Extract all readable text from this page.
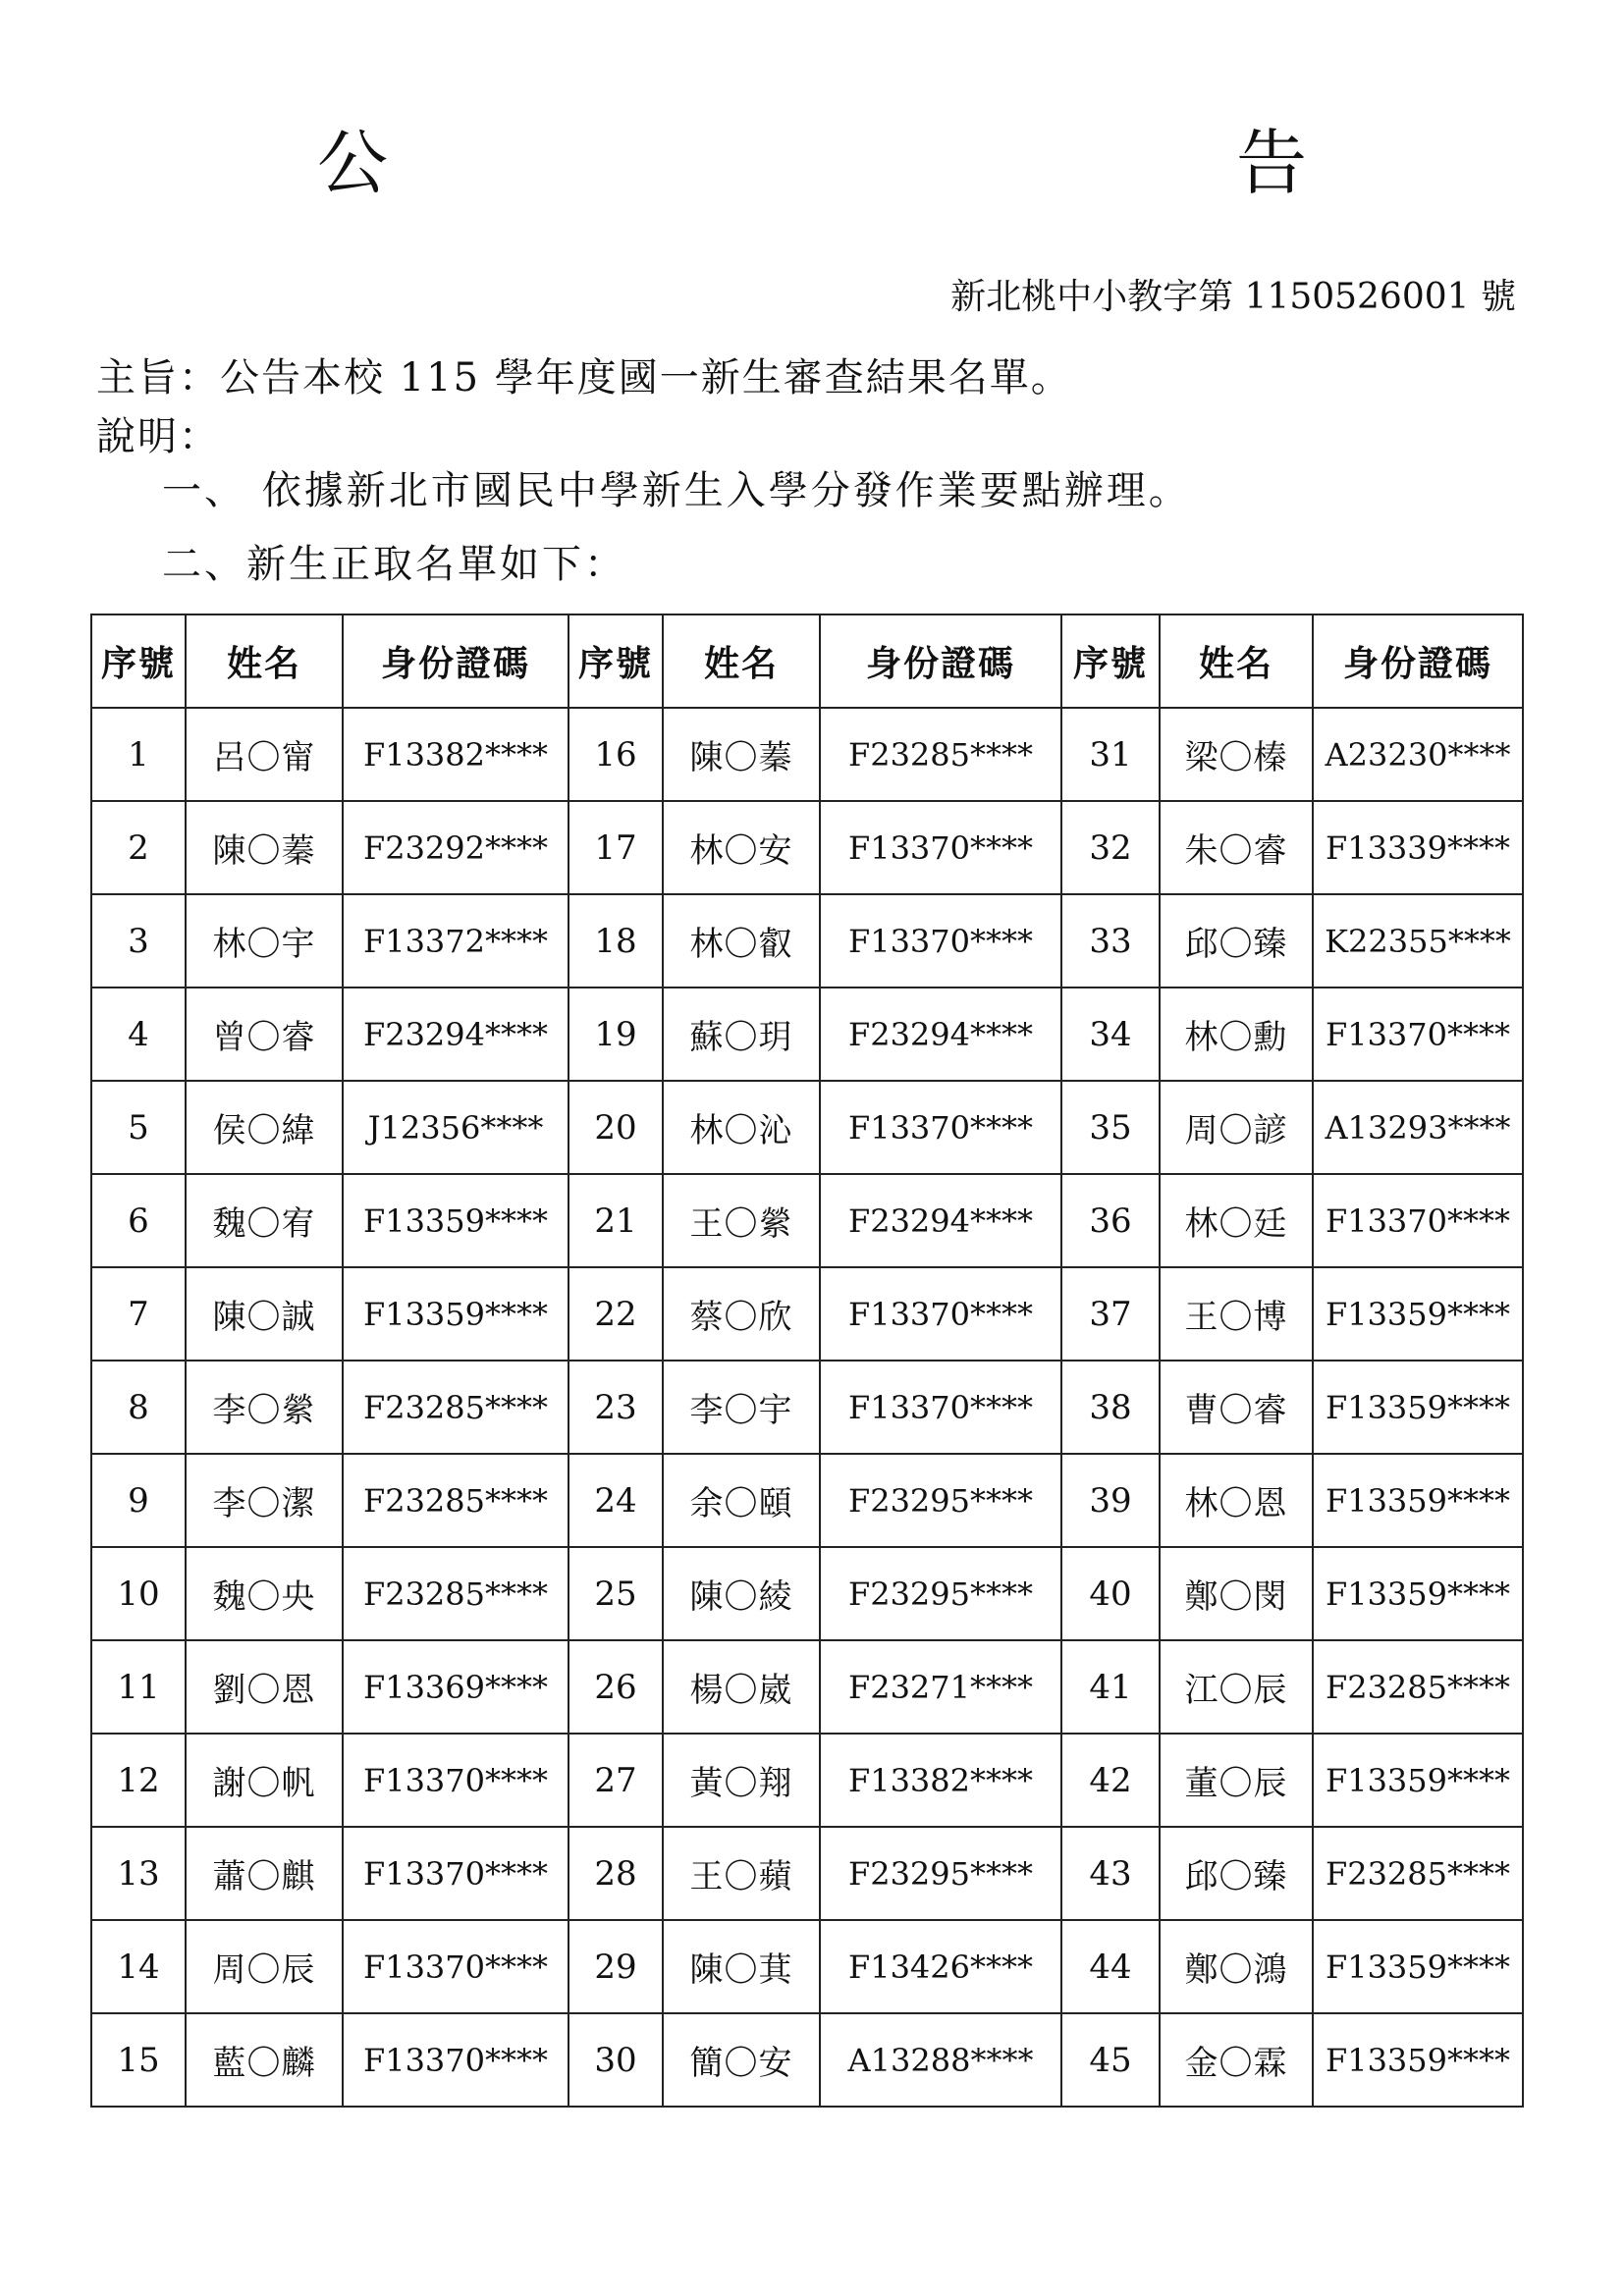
公　　告
新北桃中小教字第 1150526001 號
主旨：公告本校 115 學年度國一新生審查結果名單。
說明：
一、 依據新北市國民中學新生入學分發作業要點辦理。
二、新生正取名單如下：
序號	姓名	身份證碼	序號	姓名	身份證碼	序號	姓名	身份證碼
1	呂〇甯	F13382****	16	陳〇蓁	F23285****	31	梁〇榛	A23230****
2	陳〇蓁	F23292****	17	林〇安	F13370****	32	朱〇睿	F13339****
3	林〇宇	F13372****	18	林〇叡	F13370****	33	邱〇臻	K22355****
4	曾〇睿	F23294****	19	蘇〇玥	F23294****	34	林〇勳	F13370****
5	侯〇緯	J12356****	20	林〇沁	F13370****	35	周〇諺	A13293****
6	魏〇宥	F13359****	21	王〇縈	F23294****	36	林〇廷	F13370****
7	陳〇誠	F13359****	22	蔡〇欣	F13370****	37	王〇博	F13359****
8	李〇縈	F23285****	23	李〇宇	F13370****	38	曹〇睿	F13359****
9	李〇潔	F23285****	24	余〇頤	F23295****	39	林〇恩	F13359****
10	魏〇央	F23285****	25	陳〇綾	F23295****	40	鄭〇閔	F13359****
11	劉〇恩	F13369****	26	楊〇崴	F23271****	41	江〇辰	F23285****
12	謝〇帆	F13370****	27	黃〇翔	F13382****	42	董〇辰	F13359****
13	蕭〇麒	F13370****	28	王〇蘋	F23295****	43	邱〇臻	F23285****
14	周〇辰	F13370****	29	陳〇萁	F13426****	44	鄭〇鴻	F13359****
15	藍〇麟	F13370****	30	簡〇安	A13288****	45	金〇霖	F13359****
